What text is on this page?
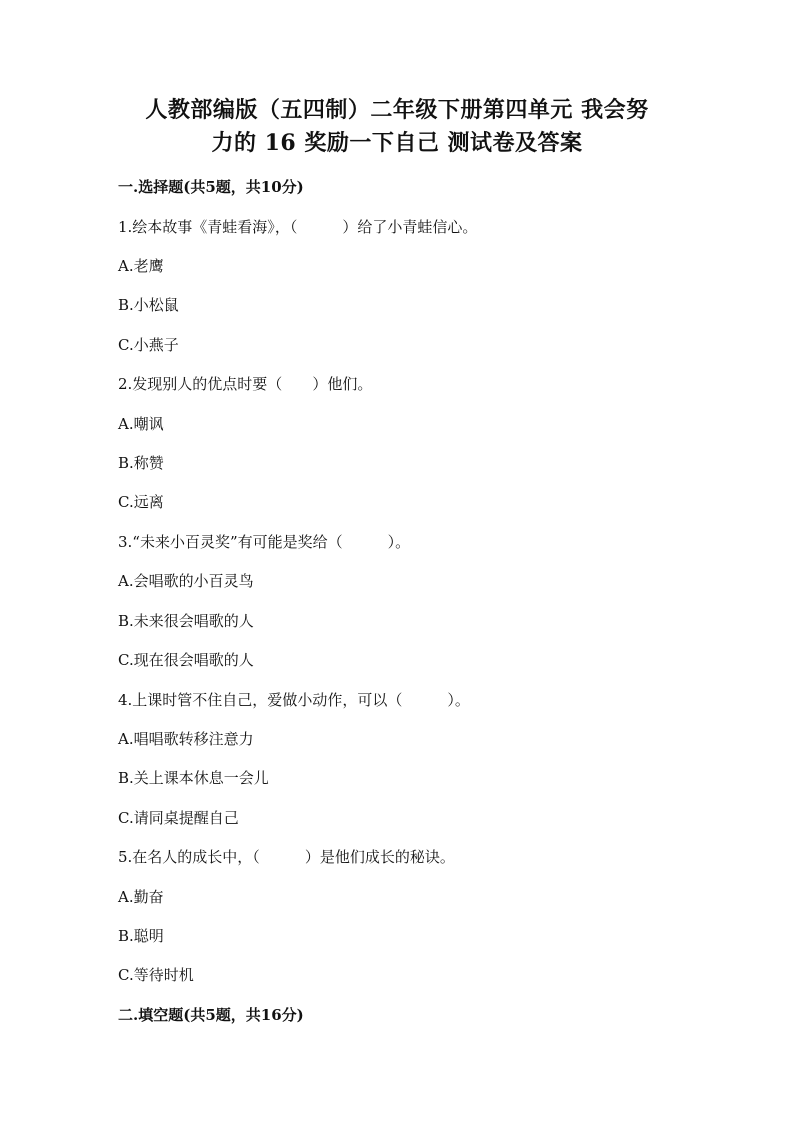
人教部编版（五四制）二年级下册第四单元 我会努
力的 16 奖励一下自己 测试卷及答案
一.选择题(共5题，共10分)
1.绘本故事《青蛙看海》，（　　　）给了小青蛙信心。
A.老鹰
B.小松鼠
C.小燕子
2.发现别人的优点时要（　　）他们。
A.嘲讽
B.称赞
C.远离
3.“未来小百灵奖”有可能是奖给（　　　）。
A.会唱歌的小百灵鸟
B.未来很会唱歌的人
C.现在很会唱歌的人
4.上课时管不住自己，爱做小动作，可以（　　　）。
A.唱唱歌转移注意力
B.关上课本休息一会儿
C.请同桌提醒自己
5.在名人的成长中，（　　　）是他们成长的秘诀。
A.勤奋
B.聪明
C.等待时机
二.填空题(共5题，共16分)
